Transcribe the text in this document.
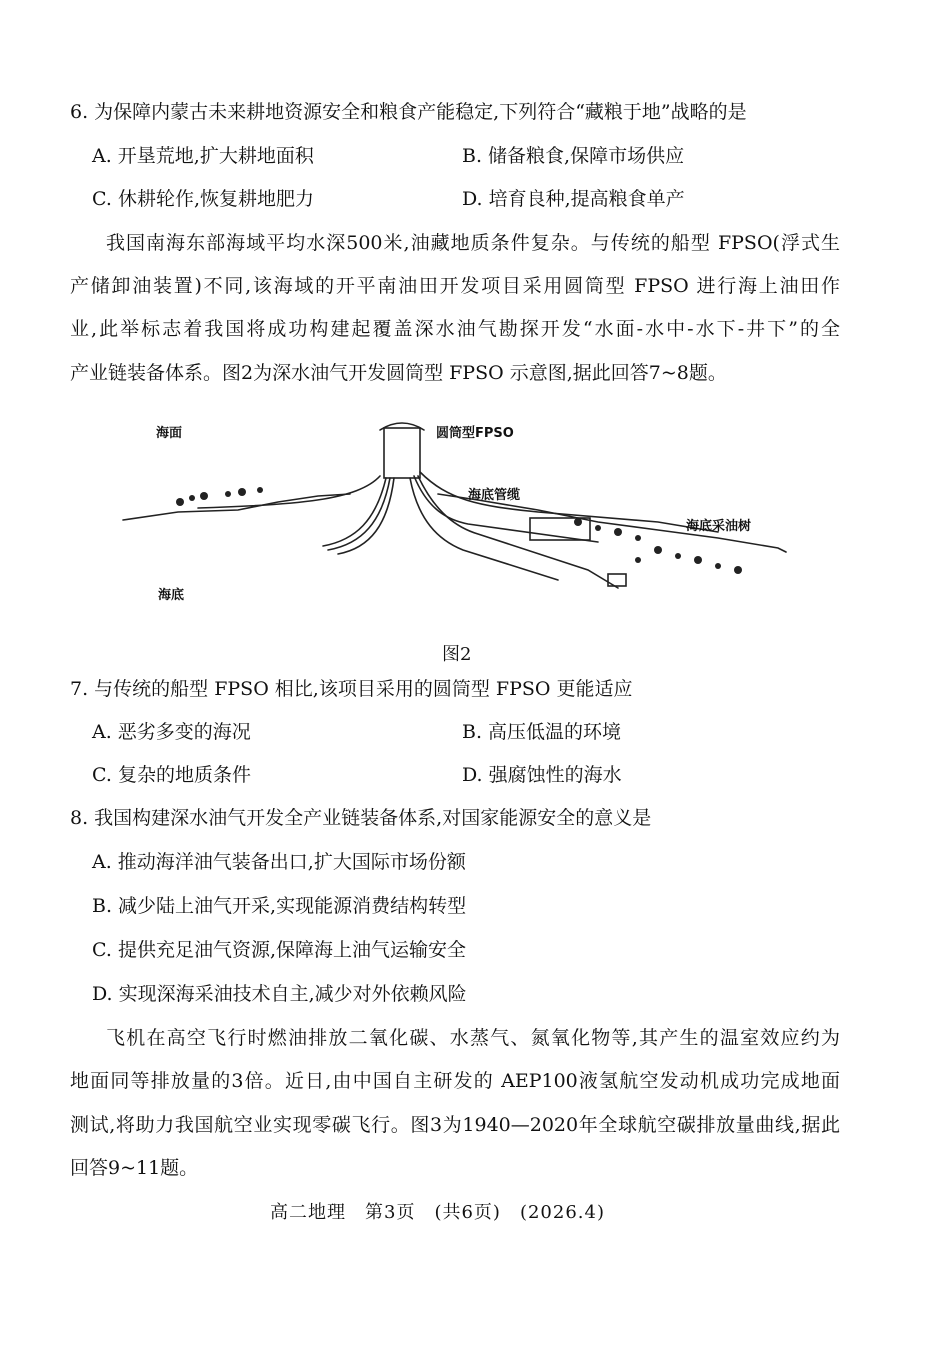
6. 为保障内蒙古未来耕地资源安全和粮食产能稳定,下列符合“藏粮于地”战略的是
A. 开垦荒地,扩大耕地面积	B. 储备粮食,保障市场供应
C. 休耕轮作,恢复耕地肥力	D. 培育良种,提高粮食单产
我国南海东部海域平均水深500米,油藏地质条件复杂。与传统的船型 FPSO(浮式生
产储卸油装置)不同,该海域的开平南油田开发项目采用圆筒型 FPSO 进行海上油田作
业,此举标志着我国将成功构建起覆盖深水油气勘探开发“水面-水中-水下-井下”的全
产业链装备体系。图2为深水油气开发圆筒型 FPSO 示意图,据此回答7~8题。
海面	圆筒型FPSO
海底管缆
海底采油树
海底
图2
7. 与传统的船型 FPSO 相比,该项目采用的圆筒型 FPSO 更能适应
A. 恶劣多变的海况	B. 高压低温的环境
C. 复杂的地质条件	D. 强腐蚀性的海水
8. 我国构建深水油气开发全产业链装备体系,对国家能源安全的意义是
A. 推动海洋油气装备出口,扩大国际市场份额
B. 减少陆上油气开采,实现能源消费结构转型
C. 提供充足油气资源,保障海上油气运输安全
D. 实现深海采油技术自主,减少对外依赖风险
飞机在高空飞行时燃油排放二氧化碳、水蒸气、氮氧化物等,其产生的温室效应约为
地面同等排放量的3倍。近日,由中国自主研发的 AEP100液氢航空发动机成功完成地面
测试,将助力我国航空业实现零碳飞行。图3为1940—2020年全球航空碳排放量曲线,据此
回答9~11题。
高二地理　第3页　(共6页)　(2026.4)
